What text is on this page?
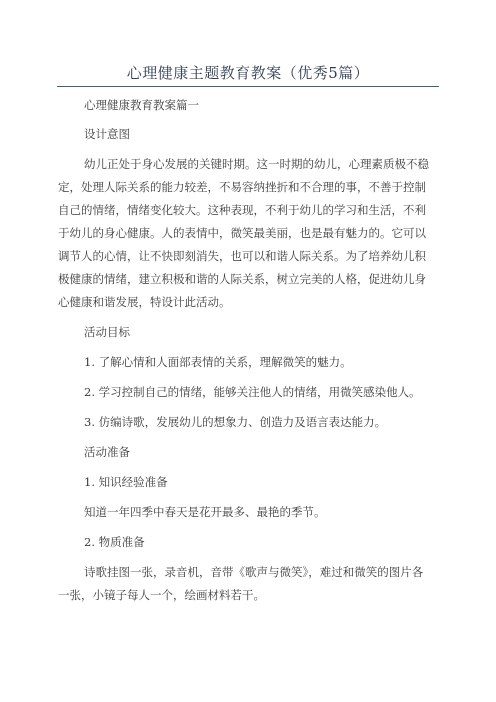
心理健康主题教育教案（优秀5篇）
心理健康教育教案篇一
设计意图
幼儿正处于身心发展的关键时期。这一时期的幼儿，心理素质极不稳
定，处理人际关系的能力较差，不易容纳挫折和不合理的事，不善于控制
自己的情绪，情绪变化较大。这种表现，不利于幼儿的学习和生活，不利
于幼儿的身心健康。人的表情中，微笑最美丽，也是最有魅力的。它可以
调节人的心情，让不快即刻消失，也可以和谐人际关系。为了培养幼儿积
极健康的情绪，建立积极和谐的人际关系，树立完美的人格，促进幼儿身
心健康和谐发展，特设计此活动。
活动目标
1. 了解心情和人面部表情的关系，理解微笑的魅力。
2. 学习控制自己的情绪，能够关注他人的情绪，用微笑感染他人。
3. 仿编诗歌，发展幼儿的想象力、创造力及语言表达能力。
活动准备
1. 知识经验准备
知道一年四季中春天是花开最多、最艳的季节。
2. 物质准备
诗歌挂图一张，录音机，音带《歌声与微笑》，难过和微笑的图片各
一张，小镜子每人一个，绘画材料若干。
